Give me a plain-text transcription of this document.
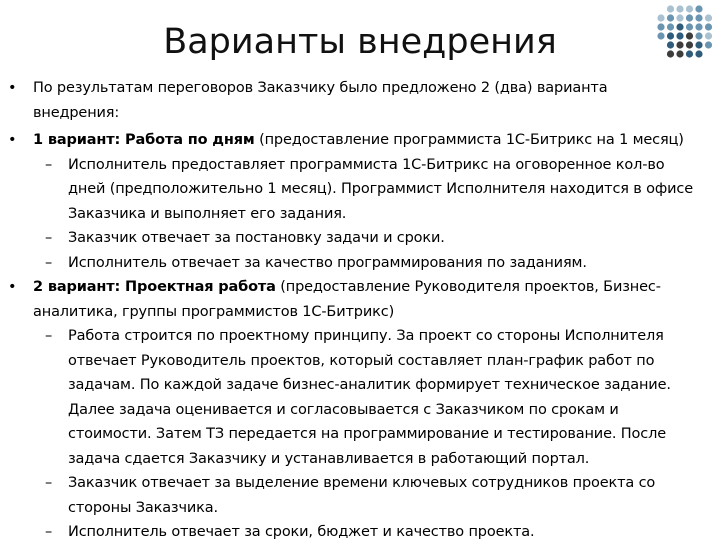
Варианты внедрения
• По результатам переговоров Заказчику было предложено 2 (два) варианта внедрения:
• 1 вариант: Работа по дням (предоставление программиста 1С-Битрикс на 1 месяц)
– Исполнитель предоставляет программиста 1С-Битрикс на оговоренное кол-во дней (предположительно 1 месяц). Программист Исполнителя находится в офисе Заказчика и выполняет его задания.
– Заказчик отвечает за постановку задачи и сроки.
– Исполнитель отвечает за качество программирования по заданиям.
• 2 вариант: Проектная работа (предоставление Руководителя проектов, Бизнес-аналитика, группы программистов 1С-Битрикс)
– Работа строится по проектному принципу. За проект со стороны Исполнителя отвечает Руководитель проектов, который составляет план-график работ по задачам. По каждой задаче бизнес-аналитик формирует техническое задание. Далее задача оценивается и согласовывается с Заказчиком по срокам и стоимости. Затем ТЗ передается на программирование и тестирование. После задача сдается Заказчику и устанавливается в работающий портал.
– Заказчик отвечает за выделение времени ключевых сотрудников проекта со стороны Заказчика.
– Исполнитель отвечает за сроки, бюджет и качество проекта.
